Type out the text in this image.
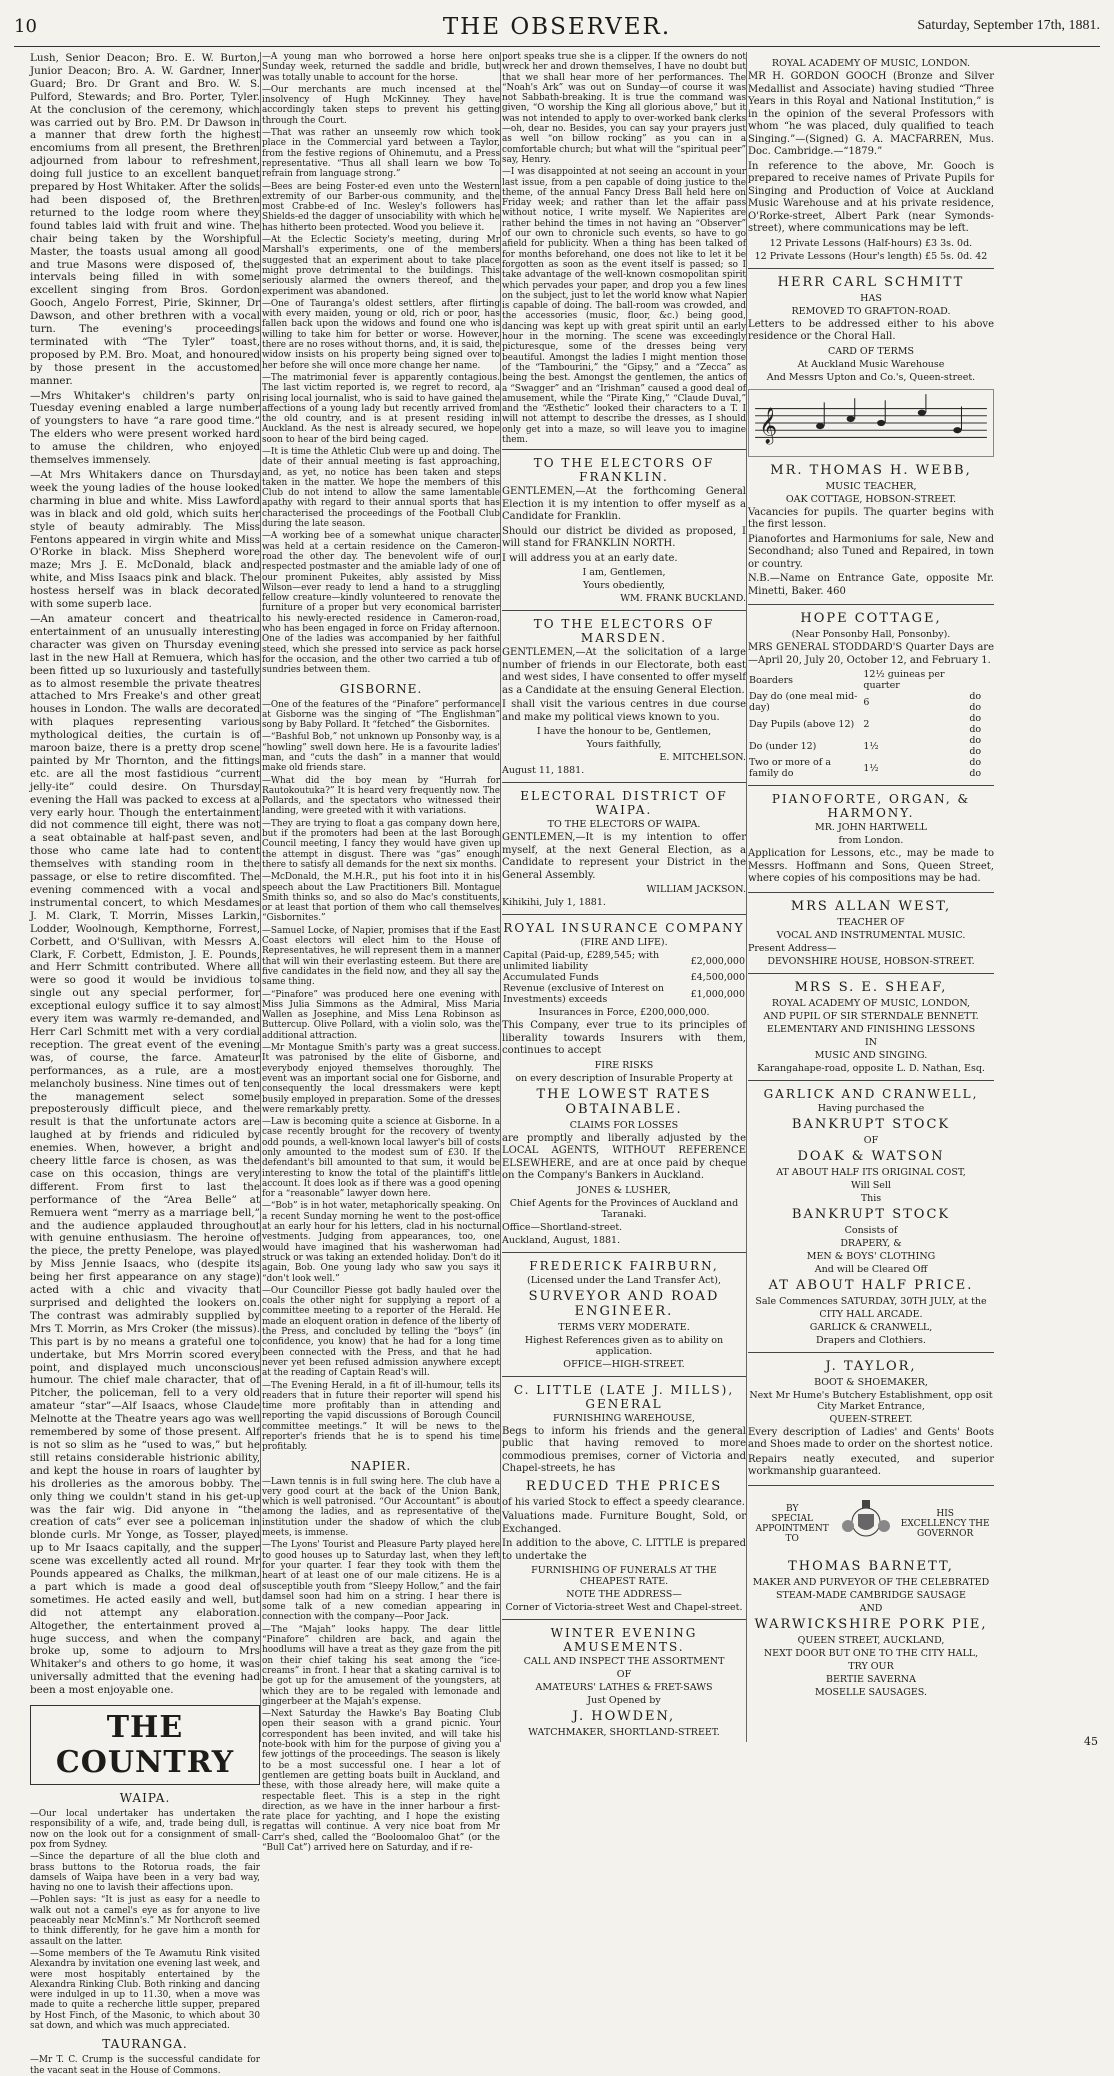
10	THE OBSERVER.	Saturday, September 17th, 1881.

Lush, Senior Deacon; Bro. E. W. Burton, Junior Deacon; Bro. A. W. Gardner, Inner Guard; Bro. Dr Grant and Bro. W. S. Pulford, Stewards; and Bro. Porter, Tyler. At the conclusion of the ceremony, which was carried out by Bro. P.M. Dr Dawson in a manner that drew forth the highest encomiums from all present, the Brethren adjourned from labour to refreshment, doing full justice to an excellent banquet prepared by Host Whitaker. After the solids had been disposed of, the Brethren returned to the lodge room where they found tables laid with fruit and wine. The chair being taken by the Worshipful Master, the toasts usual among all good and true Masons were disposed of, the intervals being filled in with some excellent singing from Bros. Gordon Gooch, Angelo Forrest, Pirie, Skinner, Dr Dawson, and other brethren with a vocal turn. The evening's proceedings terminated with “The Tyler” toast, proposed by P.M. Bro. Moat, and honoured by those present in the accustomed manner.

—Mrs Whitaker's children's party on Tuesday evening enabled a large number of youngsters to have “a rare good time.” The elders who were present worked hard to amuse the children, who enjoyed themselves immensely.

—At Mrs Whitakers dance on Thursday week the young ladies of the house looked charming in blue and white. Miss Lawford was in black and old gold, which suits her style of beauty admirably. The Miss Fentons appeared in virgin white and Miss O'Rorke in black. Miss Shepherd wore maze; Mrs J. E. McDonald, black and white, and Miss Isaacs pink and black. The hostess herself was in black decorated with some superb lace.

—An amateur concert and theatrical entertainment of an unusually interesting character was given on Thursday evening last in the new Hall at Remuera, which has been fitted up so luxuriously and tastefully as to almost resemble the private theatres attached to Mrs Freake's and other great houses in London. The walls are decorated with plaques representing various mythological deities, the curtain is of maroon baize, there is a pretty drop scene painted by Mr Thornton, and the fittings etc. are all the most fastidious “current jelly-ite” could desire. On Thursday evening the Hall was packed to excess at a very early hour. Though the entertainment did not commence till eight, there was not a seat obtainable at half-past seven, and those who came late had to content themselves with standing room in the passage, or else to retire discomfited. The evening commenced with a vocal and instrumental concert, to which Mesdames J. M. Clark, T. Morrin, Misses Larkin, Lodder, Woolnough, Kempthorne, Forrest, Corbett, and O'Sullivan, with Messrs A. Clark, F. Corbett, Edmiston, J. E. Pounds, and Herr Schmitt contributed. Where all were so good it would be invidious to single out any special performer, for exceptional eulogy suffice it to say almost every item was warmly re-demanded, and Herr Carl Schmitt met with a very cordial reception. The great event of the evening was, of course, the farce. Amateur performances, as a rule, are a most melancholy business. Nine times out of ten the management select some preposterously difficult piece, and the result is that the unfortunate actors are laughed at by friends and ridiculed by enemies. When, however, a bright and cheery little farce is chosen, as was the case on this occasion, things are very different. From first to last the performance of the “Area Belle” at Remuera went “merry as a marriage bell,” and the audience applauded throughout with genuine enthusiasm. The heroine of the piece, the pretty Penelope, was played by Miss Jennie Isaacs, who (despite its being her first appearance on any stage) acted with a chic and vivacity that surprised and delighted the lookers on. The contrast was admirably supplied by Mrs T. Morrin, as Mrs Croker (the missus). This part is by no means a grateful one to undertake, but Mrs Morrin scored every point, and displayed much unconscious humour. The chief male character, that of Pitcher, the policeman, fell to a very old amateur “star”—Alf Isaacs, whose Claude Melnotte at the Theatre years ago was well remembered by some of those present. Alf is not so slim as he “used to was,” but he still retains considerable histrionic ability, and kept the house in roars of laughter by his drolleries as the amorous bobby. The only thing we couldn't stand in his get-up was the fair wig. Did anyone in “the creation of cats” ever see a policeman in blonde curls. Mr Yonge, as Tosser, played up to Mr Isaacs capitally, and the supper scene was excellently acted all round. Mr Pounds appeared as Chalks, the milkman, a part which is made a good deal of sometimes. He acted easily and well, but did not attempt any elaboration. Altogether, the entertainment proved a huge success, and when the company broke up, some to adjourn to Mrs Whitaker's and others to go home, it was universally admitted that the evening had been a most enjoyable one.

THE COUNTRY
WAIPA.

—Our local undertaker has undertaken the responsibility of a wife, and, trade being dull, is now on the look out for a consignment of small-pox from Sydney.

—Since the departure of all the blue cloth and brass buttons to the Rotorua roads, the fair damsels of Waipa have been in a very bad way, having no one to lavish their affections upon.

—Pohlen says: “It is just as easy for a needle to walk out not a camel's eye as for anyone to live peaceably near McMinn's.” Mr Northcroft seemed to think differently, for he gave him a month for assault on the latter.

—Some members of the Te Awamutu Rink visited Alexandra by invitation one evening last week, and were most hospitably entertained by the Alexandra Rinking Club. Both rinking and dancing were indulged in up to 11.30, when a move was made to quite a recherche little supper, prepared by Host Finch, of the Masonic, to which about 30 sat down, and which was much appreciated.

TAURANGA.

—Mr T. C. Crump is the successful candidate for the vacant seat in the House of Commons.

—A young man who borrowed a horse here on Sunday week, returned the saddle and bridle, but was totally unable to account for the horse.

—Our merchants are much incensed at the insolvency of Hugh McKinney. They have accordingly taken steps to prevent his getting through the Court.

—That was rather an unseemly row which took place in the Commercial yard between a Taylor, from the festive regions of Ohinemutu, and a Press representative. “Thus all shall learn we bow To refrain from language strong.”

—Bees are being Foster-ed even unto the Western extremity of our Barber-ous community, and the most Crabbe-ed of Inc. Wesley's followers has Shields-ed the dagger of unsociability with which he has hitherto been protected. Wood you believe it.

—At the Eclectic Society's meeting, during Mr Marshall's experiments, one of the members suggested that an experiment about to take place might prove detrimental to the buildings. This seriously alarmed the owners thereof, and the experiment was abandoned.

—One of Tauranga's oldest settlers, after flirting with every maiden, young or old, rich or poor, has fallen back upon the widows and found one who is willing to take him for better or worse. However, there are no roses without thorns, and, it is said, the widow insists on his property being signed over to her before she will once more change her name.

—The matrimonial fever is apparently contagious. The last victim reported is, we regret to record, a rising local journalist, who is said to have gained the affections of a young lady but recently arrived from the old country, and is at present residing in Auckland. As the nest is already secured, we hope soon to hear of the bird being caged.

—It is time the Athletic Club were up and doing. The date of their annual meeting is fast approaching, and, as yet, no notice has been taken and steps taken in the matter. We hope the members of this Club do not intend to allow the same lamentable apathy with regard to their annual sports that has characterised the proceedings of the Football Club during the late season.

—A working bee of a somewhat unique character was held at a certain residence on the Cameron-road the other day. The benevolent wife of our respected postmaster and the amiable lady of one of our prominent Pukeites, ably assisted by Miss Wilson—ever ready to lend a hand to a struggling fellow creature—kindly volunteered to renovate the furniture of a proper but very economical barrister to his newly-erected residence in Cameron-road, who has been engaged in force on Friday afternoon. One of the ladies was accompanied by her faithful steed, which she pressed into service as pack horse for the occasion, and the other two carried a tub of sundries between them.

GISBORNE.

—One of the features of the “Pinafore” performance at Gisborne was the singing of “The Englishman” song by Baby Pollard. It “fetched” the Gisbornites.

—“Bashful Bob,” not unknown up Ponsonby way, is a “howling” swell down here. He is a favourite ladies' man, and “cuts the dash” in a manner that would make old friends stare.

—What did the boy mean by “Hurrah for Rautokoutuka?” It is heard very frequently now. The Pollards, and the spectators who witnessed their landing, were greeted with it with variations.

—They are trying to float a gas company down here, but if the promoters had been at the last Borough Council meeting, I fancy they would have given up the attempt in disgust. There was “gas” enough there to satisfy all demands for the next six months.

—McDonald, the M.H.R., put his foot into it in his speech about the Law Practitioners Bill. Montague Smith thinks so, and so also do Mac's constituents, or at least that portion of them who call themselves “Gisbornites.”

—Samuel Locke, of Napier, promises that if the East Coast electors will elect him to the House of Representatives, he will represent them in a manner that will win their everlasting esteem. But there are five candidates in the field now, and they all say the same thing.

—“Pinafore” was produced here one evening with Miss Julia Simmons as the Admiral, Miss Maria Wallen as Josephine, and Miss Lena Robinson as Buttercup. Olive Pollard, with a violin solo, was the additional attraction.

—Mr Montague Smith's party was a great success. It was patronised by the elite of Gisborne, and everybody enjoyed themselves thoroughly. The event was an important social one for Gisborne, and consequently the local dressmakers were kept busily employed in preparation. Some of the dresses were remarkably pretty.

—Law is becoming quite a science at Gisborne. In a case recently brought for the recovery of twenty odd pounds, a well-known local lawyer's bill of costs only amounted to the modest sum of £30. If the defendant's bill amounted to that sum, it would be interesting to know the total of the plaintiff's little account. It does look as if there was a good opening for a “reasonable” lawyer down here.

—“Bob” is in hot water, metaphorically speaking. On a recent Sunday morning he went to the post-office at an early hour for his letters, clad in his nocturnal vestments. Judging from appearances, too, one would have imagined that his washerwoman had struck or was taking an extended holiday. Don't do it again, Bob. One young lady who saw you says it “don't look well.”

—Our Councillor Piesse got badly hauled over the coals the other night for supplying a report of a committee meeting to a reporter of the Herald. He made an eloquent oration in defence of the liberty of the Press, and concluded by telling the “boys” (in confidence, you know) that he had for a long time been connected with the Press, and that he had never yet been refused admission anywhere except at the reading of Captain Read's will.

—The Evening Herald, in a fit of ill-humour, tells its readers that in future their reporter will spend his time more profitably than in attending and reporting the vapid discussions of Borough Council committee meetings.” It will be news to the reporter's friends that he is to spend his time profitably.

NAPIER.

—Lawn tennis is in full swing here. The club have a very good court at the back of the Union Bank, which is well patronised. “Our Accountant” is about among the ladies, and as representative of the institution under the shadow of which the club meets, is immense.

—The Lyons' Tourist and Pleasure Party played here to good houses up to Saturday last, when they left for your quarter. I fear they took with them the heart of at least one of our male citizens. He is a susceptible youth from “Sleepy Hollow,” and the fair damsel soon had him on a string. I hear there is some talk of a new comedian appearing in connection with the company—Poor Jack.

—The “Majah” looks happy. The dear little “Pinafore” children are back, and again the hoodlums will have a treat as they gaze from the pit on their chief taking his seat among the “ice-creams” in front. I hear that a skating carnival is to be got up for the amusement of the youngsters, at which they are to be regaled with lemonade and gingerbeer at the Majah's expense.

—Next Saturday the Hawke's Bay Boating Club open their season with a grand picnic. Your correspondent has been invited, and will take his note-book with him for the purpose of giving you a few jottings of the proceedings. The season is likely to be a most successful one. I hear a lot of gentlemen are getting boats built in Auckland, and these, with those already here, will make quite a respectable fleet. This is a step in the right direction, as we have in the inner harbour a first-rate place for yachting, and I hope the existing regattas will continue. A very nice boat from Mr Carr's shed, called the “Booloomaloo Ghat” (or the “Bull Cat”) arrived here on Saturday, and if re-

port speaks true she is a clipper. If the owners do not wreck her and drown themselves, I have no doubt but that we shall hear more of her performances. The “Noah's Ark” was out on Sunday—of course it was not Sabbath-breaking. It is true the command was given, “O worship the King all glorious above,” but it was not intended to apply to over-worked bank clerks—oh, dear no. Besides, you can say your prayers just as well “on billow rocking” as you can in a comfortable church; but what will the “spiritual peer” say, Henry.

—I was disappointed at not seeing an account in your last issue, from a pen capable of doing justice to the theme, of the annual Fancy Dress Ball held here on Friday week; and rather than let the affair pass without notice, I write myself. We Napierites are rather behind the times in not having an “Observer” of our own to chronicle such events, so have to go afield for publicity. When a thing has been talked of for months beforehand, one does not like to let it be forgotten as soon as the event itself is passed; so I take advantage of the well-known cosmopolitan spirit which pervades your paper, and drop you a few lines on the subject, just to let the world know what Napier is capable of doing. The ball-room was crowded, and the accessories (music, floor, &c.) being good, dancing was kept up with great spirit until an early hour in the morning. The scene was exceedingly picturesque, some of the dresses being very beautiful. Amongst the ladies I might mention those of the “Tambourini,” the “Gipsy,” and a “Zecca” as being the best. Amongst the gentlemen, the antics of a “Swagger” and an “Irishman” caused a good deal of amusement, while the “Pirate King,” “Claude Duval,” and the “Æsthetic” looked their characters to a T. I will not attempt to describe the dresses, as I should only get into a maze, so will leave you to imagine them.

TO THE ELECTORS OF FRANKLIN.

GENTLEMEN,—At the forthcoming General Election it is my intention to offer myself as a Candidate for Franklin.

Should our district be divided as proposed, I will stand for FRANKLIN NORTH.

I will address you at an early date.

I am, Gentlemen,
Yours obediently,
WM. FRANK BUCKLAND.
TO THE ELECTORS OF MARSDEN.

GENTLEMEN,—At the solicitation of a large number of friends in our Electorate, both east and west sides, I have consented to offer myself as a Candidate at the ensuing General Election.

I shall visit the various centres in due course and make my political views known to you.

I have the honour to be, Gentlemen,
Yours faithfully,
E. MITCHELSON.
August 11, 1881.
ELECTORAL DISTRICT OF WAIPA.
TO THE ELECTORS OF WAIPA.

GENTLEMEN,—It is my intention to offer myself, at the next General Election, as a Candidate to represent your District in the General Assembly.

WILLIAM JACKSON.
Kihikihi, July 1, 1881.
ROYAL INSURANCE COMPANY
(FIRE AND LIFE).
Capital (Paid-up, £289,545; with unlimited liability	£2,000,000
Accumulated Funds	£4,500,000
Revenue (exclusive of Interest on Investments) exceeds	£1,000,000
Insurances in Force, £200,000,000.

This Company, ever true to its principles of liberality towards Insurers with them, continues to accept

FIRE RISKS
on every description of Insurable Property at
THE LOWEST RATES OBTAINABLE.
CLAIMS FOR LOSSES

are promptly and liberally adjusted by the LOCAL AGENTS, WITHOUT REFERENCE ELSEWHERE, and are at once paid by cheque on the Company's Bankers in Auckland.

JONES & LUSHER,
Chief Agents for the Provinces of Auckland and Taranaki.
Office—Shortland-street.
Auckland, August, 1881.
FREDERICK FAIRBURN,
(Licensed under the Land Transfer Act),
SURVEYOR AND ROAD ENGINEER.
TERMS VERY MODERATE.
Highest References given as to ability on application.
OFFICE—HIGH-STREET.
C. LITTLE (LATE J. MILLS), GENERAL
FURNISHING WAREHOUSE,

Begs to inform his friends and the general public that having removed to more commodious premises, corner of Victoria and Chapel-streets, he has

REDUCED THE PRICES

of his varied Stock to effect a speedy clearance.

Valuations made. Furniture Bought, Sold, or Exchanged.

In addition to the above, C. LITTLE is prepared to undertake the

FURNISHING OF FUNERALS AT THE CHEAPEST RATE.
NOTE THE ADDRESS—
Corner of Victoria-street West and Chapel-street.
WINTER EVENING AMUSEMENTS.
CALL AND INSPECT THE ASSORTMENT
OF
AMATEURS' LATHES & FRET-SAWS
Just Opened by
J. HOWDEN,
WATCHMAKER, SHORTLAND-STREET.
ROYAL ACADEMY OF MUSIC, LONDON.

MR H. GORDON GOOCH (Bronze and Silver Medallist and Associate) having studied “Three Years in this Royal and National Institution,” is in the opinion of the several Professors with whom “he was placed, duly qualified to teach Singing.”—(Signed) G. A. MACFARREN, Mus. Doc. Cambridge.—“1879.”

In reference to the above, Mr. Gooch is prepared to receive names of Private Pupils for Singing and Production of Voice at Auckland Music Warehouse and at his private residence, O'Rorke-street, Albert Park (near Symonds-street), where communications may be left.

12 Private Lessons (Half-hours) £3 3s. 0d.
12 Private Lessons (Hour's length) £5 5s. 0d. 42
HERR CARL SCHMITT
HAS
REMOVED TO GRAFTON-ROAD.

Letters to be addressed either to his above residence or the Choral Hall.

CARD OF TERMS
At Auckland Music Warehouse
And Messrs Upton and Co.'s, Queen-street.
𝄞
MR. THOMAS H. WEBB,
MUSIC TEACHER,
OAK COTTAGE, HOBSON-STREET.

Vacancies for pupils. The quarter begins with the first lesson.

Pianofortes and Harmoniums for sale, New and Secondhand; also Tuned and Repaired, in town or country.

N.B.—Name on Entrance Gate, opposite Mr. Minetti, Baker. 460

HOPE COTTAGE,
(Near Ponsonby Hall, Ponsonby).

MRS GENERAL STODDARD'S Quarter Days are—April 20, July 20, October 12, and February 1.

Boarders	12½ guineas per quarter	
Day do (one meal mid-day)	6	do do
Day Pupils (above 12)	2	do do
Do (under 12)	1½	do do
Two or more of a family do	1½	do do
PIANOFORTE, ORGAN, & HARMONY.
MR. JOHN HARTWELL
from London.

Application for Lessons, etc., may be made to Messrs. Hoffmann and Sons, Queen Street, where copies of his compositions may be had.

MRS ALLAN WEST,
TEACHER OF
VOCAL AND INSTRUMENTAL MUSIC.
Present Address—
DEVONSHIRE HOUSE, HOBSON-STREET.
MRS S. E. SHEAF,
ROYAL ACADEMY OF MUSIC, LONDON,
AND PUPIL OF SIR STERNDALE BENNETT.
ELEMENTARY AND FINISHING LESSONS
IN
MUSIC AND SINGING.
Karangahape-road, opposite L. D. Nathan, Esq.
GARLICK AND CRANWELL,
Having purchased the
BANKRUPT STOCK
OF
DOAK & WATSON
AT ABOUT HALF ITS ORIGINAL COST,
Will Sell
This
BANKRUPT STOCK
Consists of
DRAPERY, &
MEN & BOYS' CLOTHING
And will be Cleared Off
AT ABOUT HALF PRICE.
Sale Commences SATURDAY, 30TH JULY, at the
CITY HALL ARCADE.
GARLICK & CRANWELL,
Drapers and Clothiers.
J. TAYLOR,
BOOT & SHOEMAKER,
Next Mr Hume's Butchery Establishment, opp osit City Market Entrance,
QUEEN-STREET.

Every description of Ladies' and Gents' Boots and Shoes made to order on the shortest notice.

Repairs neatly executed, and superior workmanship guaranteed.

BY
SPECIAL APPOINTMENT TO
HIS
EXCELLENCY THE GOVERNOR
THOMAS BARNETT,
MAKER AND PURVEYOR OF THE CELEBRATED
STEAM-MADE CAMBRIDGE SAUSAGE
AND
WARWICKSHIRE PORK PIE,
QUEEN STREET, AUCKLAND,
NEXT DOOR BUT ONE TO THE CITY HALL,
TRY OUR
BERTIE SAVERNA
MOSELLE SAUSAGES.
45
